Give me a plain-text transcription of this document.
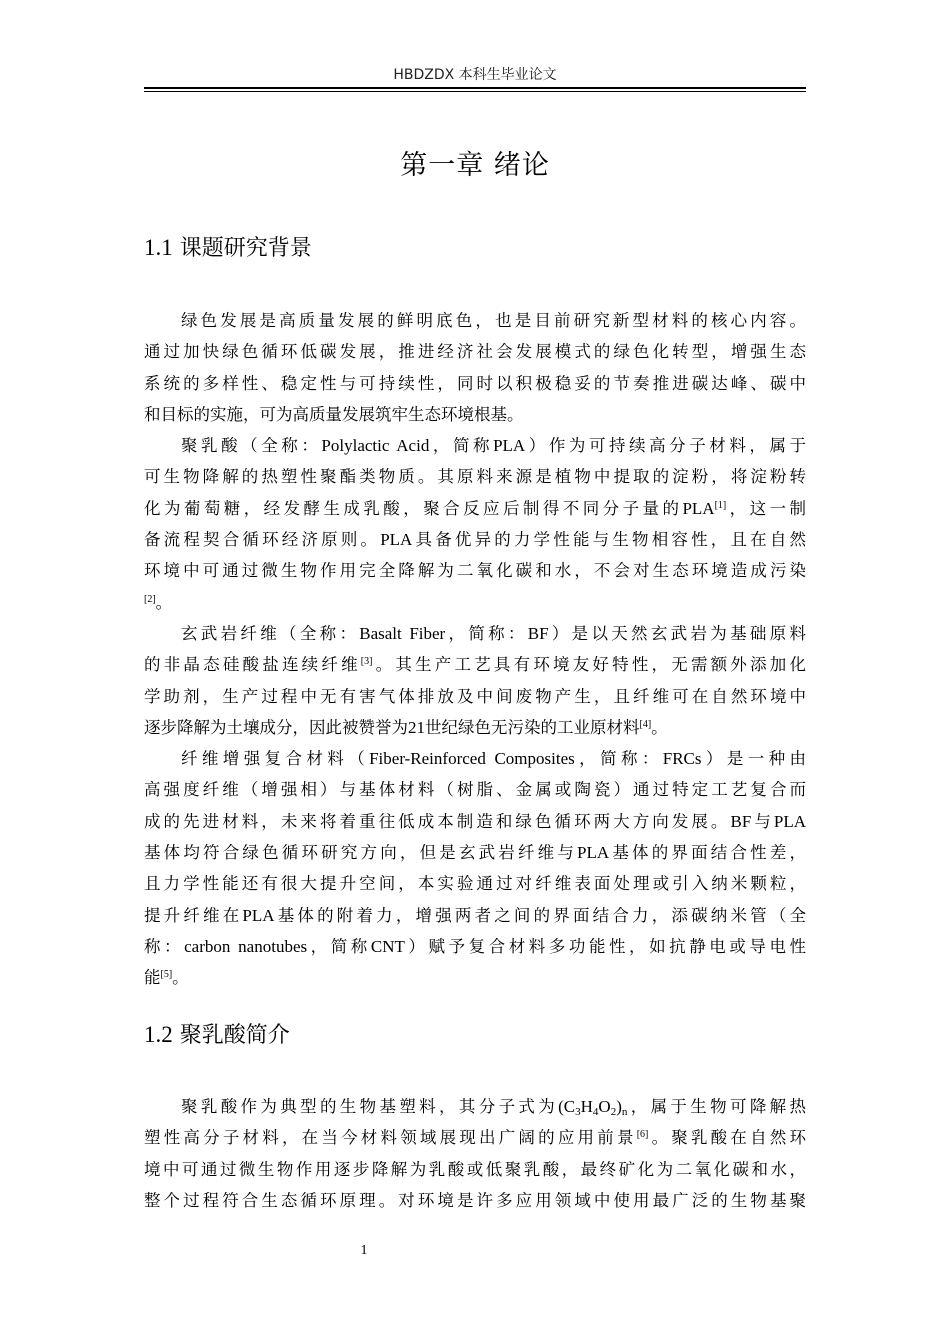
HBDZDX 本科生毕业论文
第一章 绪论
1.1 课题研究背景
绿色发展是高质量发展的鲜明底色，也是目前研究新型材料的核心内容。
通过加快绿色循环低碳发展，推进经济社会发展模式的绿色化转型，增强生态
系统的多样性、稳定性与可持续性，同时以积极稳妥的节奏推进碳达峰、碳中
和目标的实施，可为高质量发展筑牢生态环境根基。
聚乳酸（全称：Polylactic Acid，简称PLA）作为可持续高分子材料，属于
可生物降解的热塑性聚酯类物质。其原料来源是植物中提取的淀粉，将淀粉转
化为葡萄糖，经发酵生成乳酸，聚合反应后制得不同分子量的PLA[1]，这一制
备流程契合循环经济原则。PLA具备优异的力学性能与生物相容性，且在自然
环境中可通过微生物作用完全降解为二氧化碳和水，不会对生态环境造成污染
[2]。
玄武岩纤维（全称：Basalt Fiber，简称：BF）是以天然玄武岩为基础原料
的非晶态硅酸盐连续纤维[3]。其生产工艺具有环境友好特性，无需额外添加化
学助剂，生产过程中无有害气体排放及中间废物产生，且纤维可在自然环境中
逐步降解为土壤成分，因此被赞誉为21世纪绿色无污染的工业原材料[4]。
纤维增强复合材料（Fiber-Reinforced Composites，简称：FRCs）是一种由
高强度纤维（增强相）与基体材料（树脂、金属或陶瓷）通过特定工艺复合而
成的先进材料，未来将着重往低成本制造和绿色循环两大方向发展。BF与PLA
基体均符合绿色循环研究方向，但是玄武岩纤维与PLA基体的界面结合性差，
且力学性能还有很大提升空间，本实验通过对纤维表面处理或引入纳米颗粒，
提升纤维在PLA基体的附着力，增强两者之间的界面结合力，添碳纳米管（全
称：carbon nanotubes，简称CNT）赋予复合材料多功能性，如抗静电或导电性
能[5]。
1.2 聚乳酸简介
聚乳酸作为典型的生物基塑料，其分子式为$(C_3H_4O_2)_n$，属于生物可降解热
塑性高分子材料，在当今材料领域展现出广阔的应用前景[6]。聚乳酸在自然环
境中可通过微生物作用逐步降解为乳酸或低聚乳酸，最终矿化为二氧化碳和水，
整个过程符合生态循环原理。对环境是许多应用领域中使用最广泛的生物基聚
1
